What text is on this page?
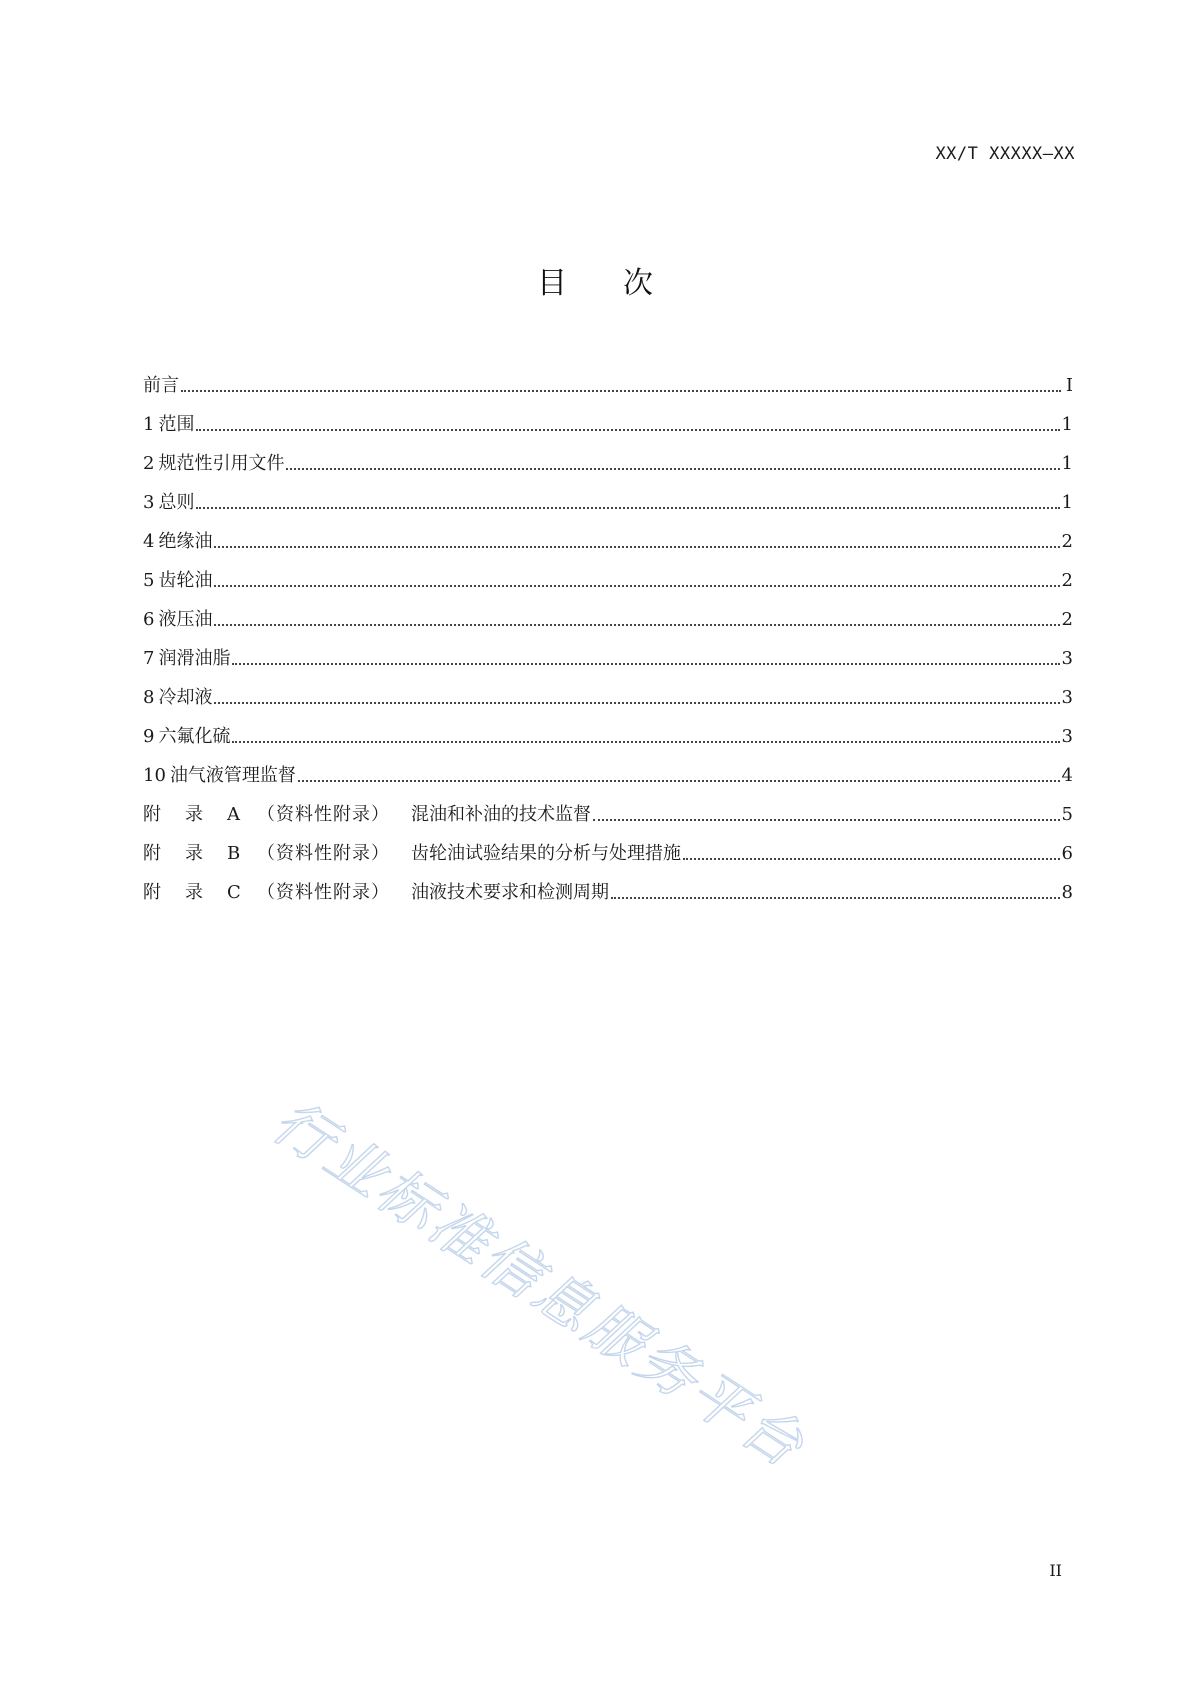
XX/T XXXXX—XX
目次
前言	I
1 范围	1
2 规范性引用文件	1
3 总则	1
4 绝缘油	2
5 齿轮油	2
6 液压油	2
7 润滑油脂	3
8 冷却液	3
9 六氟化硫	3
10 油气液管理监督	4
附	录	A （资料性附录）	混油和补油的技术监督	5
附	录	B （资料性附录）	齿轮油试验结果的分析与处理措施	6
附	录	C （资料性附录）	油液技术要求和检测周期	8
行业标准信息服务平台
II
